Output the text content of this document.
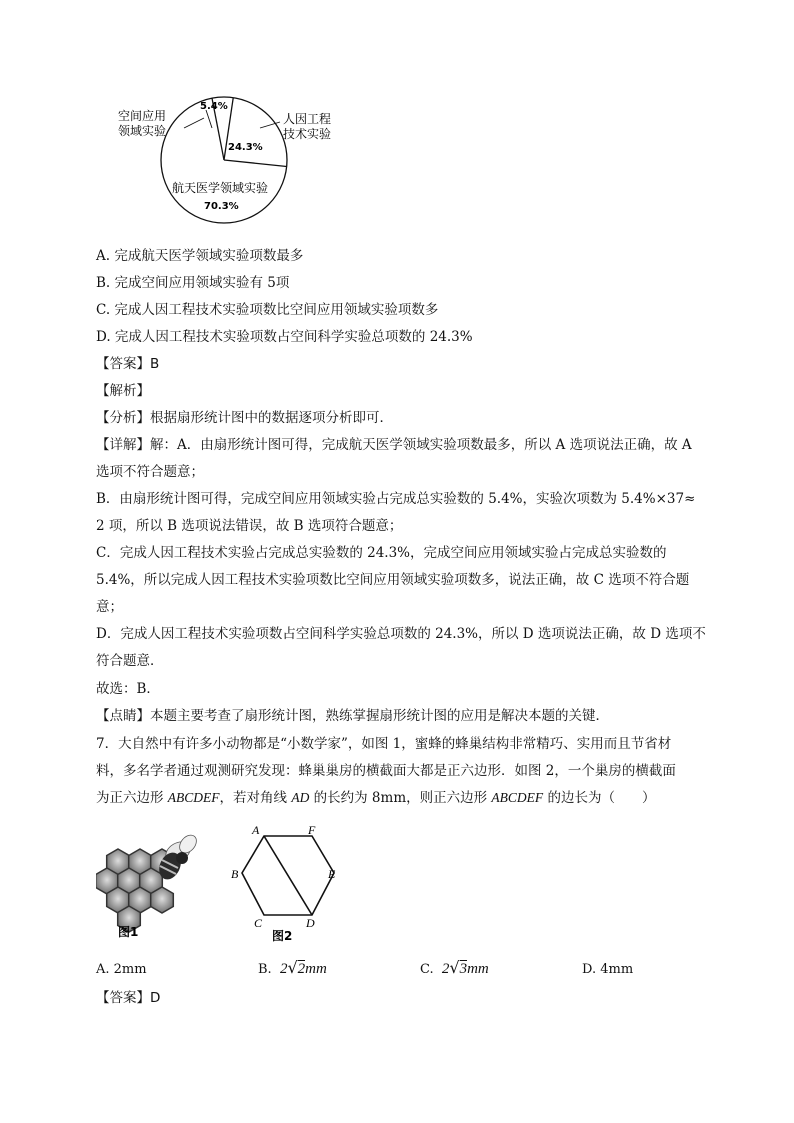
空间应用
领域实验
5.4%
人因工程
技术实验
24.3%
航天医学领域实验
70.3%
A. 完成航天医学领域实验项数最多
B. 完成空间应用领域实验有 5项
C. 完成人因工程技术实验项数比空间应用领域实验项数多
D. 完成人因工程技术实验项数占空间科学实验总项数的 24.3%
【答案】B
【解析】
【分析】根据扇形统计图中的数据逐项分析即可．
【详解】解：A．由扇形统计图可得，完成航天医学领域实验项数最多，所以 A 选项说法正确，故 A
选项不符合题意；
B．由扇形统计图可得，完成空间应用领域实验占完成总实验数的 5.4%，实验次项数为 5.4%×37≈
2 项，所以 B 选项说法错误，故 B 选项符合题意；
C．完成人因工程技术实验占完成总实验数的 24.3%，完成空间应用领域实验占完成总实验数的
5.4%，所以完成人因工程技术实验项数比空间应用领域实验项数多，说法正确，故 C 选项不符合题
意；
D．完成人因工程技术实验项数占空间科学实验总项数的 24.3%，所以 D 选项说法正确，故 D 选项不
符合题意．
故选：B．
【点睛】本题主要考查了扇形统计图，熟练掌握扇形统计图的应用是解决本题的关键．
7．大自然中有许多小动物都是“小数学家”，如图 1，蜜蜂的蜂巢结构非常精巧、实用而且节省材
料，多名学者通过观测研究发现：蜂巢巢房的横截面大都是正六边形．如图 2，一个巢房的横截面
为正六边形 ABCDEF，若对角线 AD 的长约为 8mm，则正六边形 ABCDEF 的边长为（　　）
图1
A	F
B	E
C	D
图2
A. 2mm	B. 2√2mm	C. 2√3mm	D. 4mm
【答案】D
